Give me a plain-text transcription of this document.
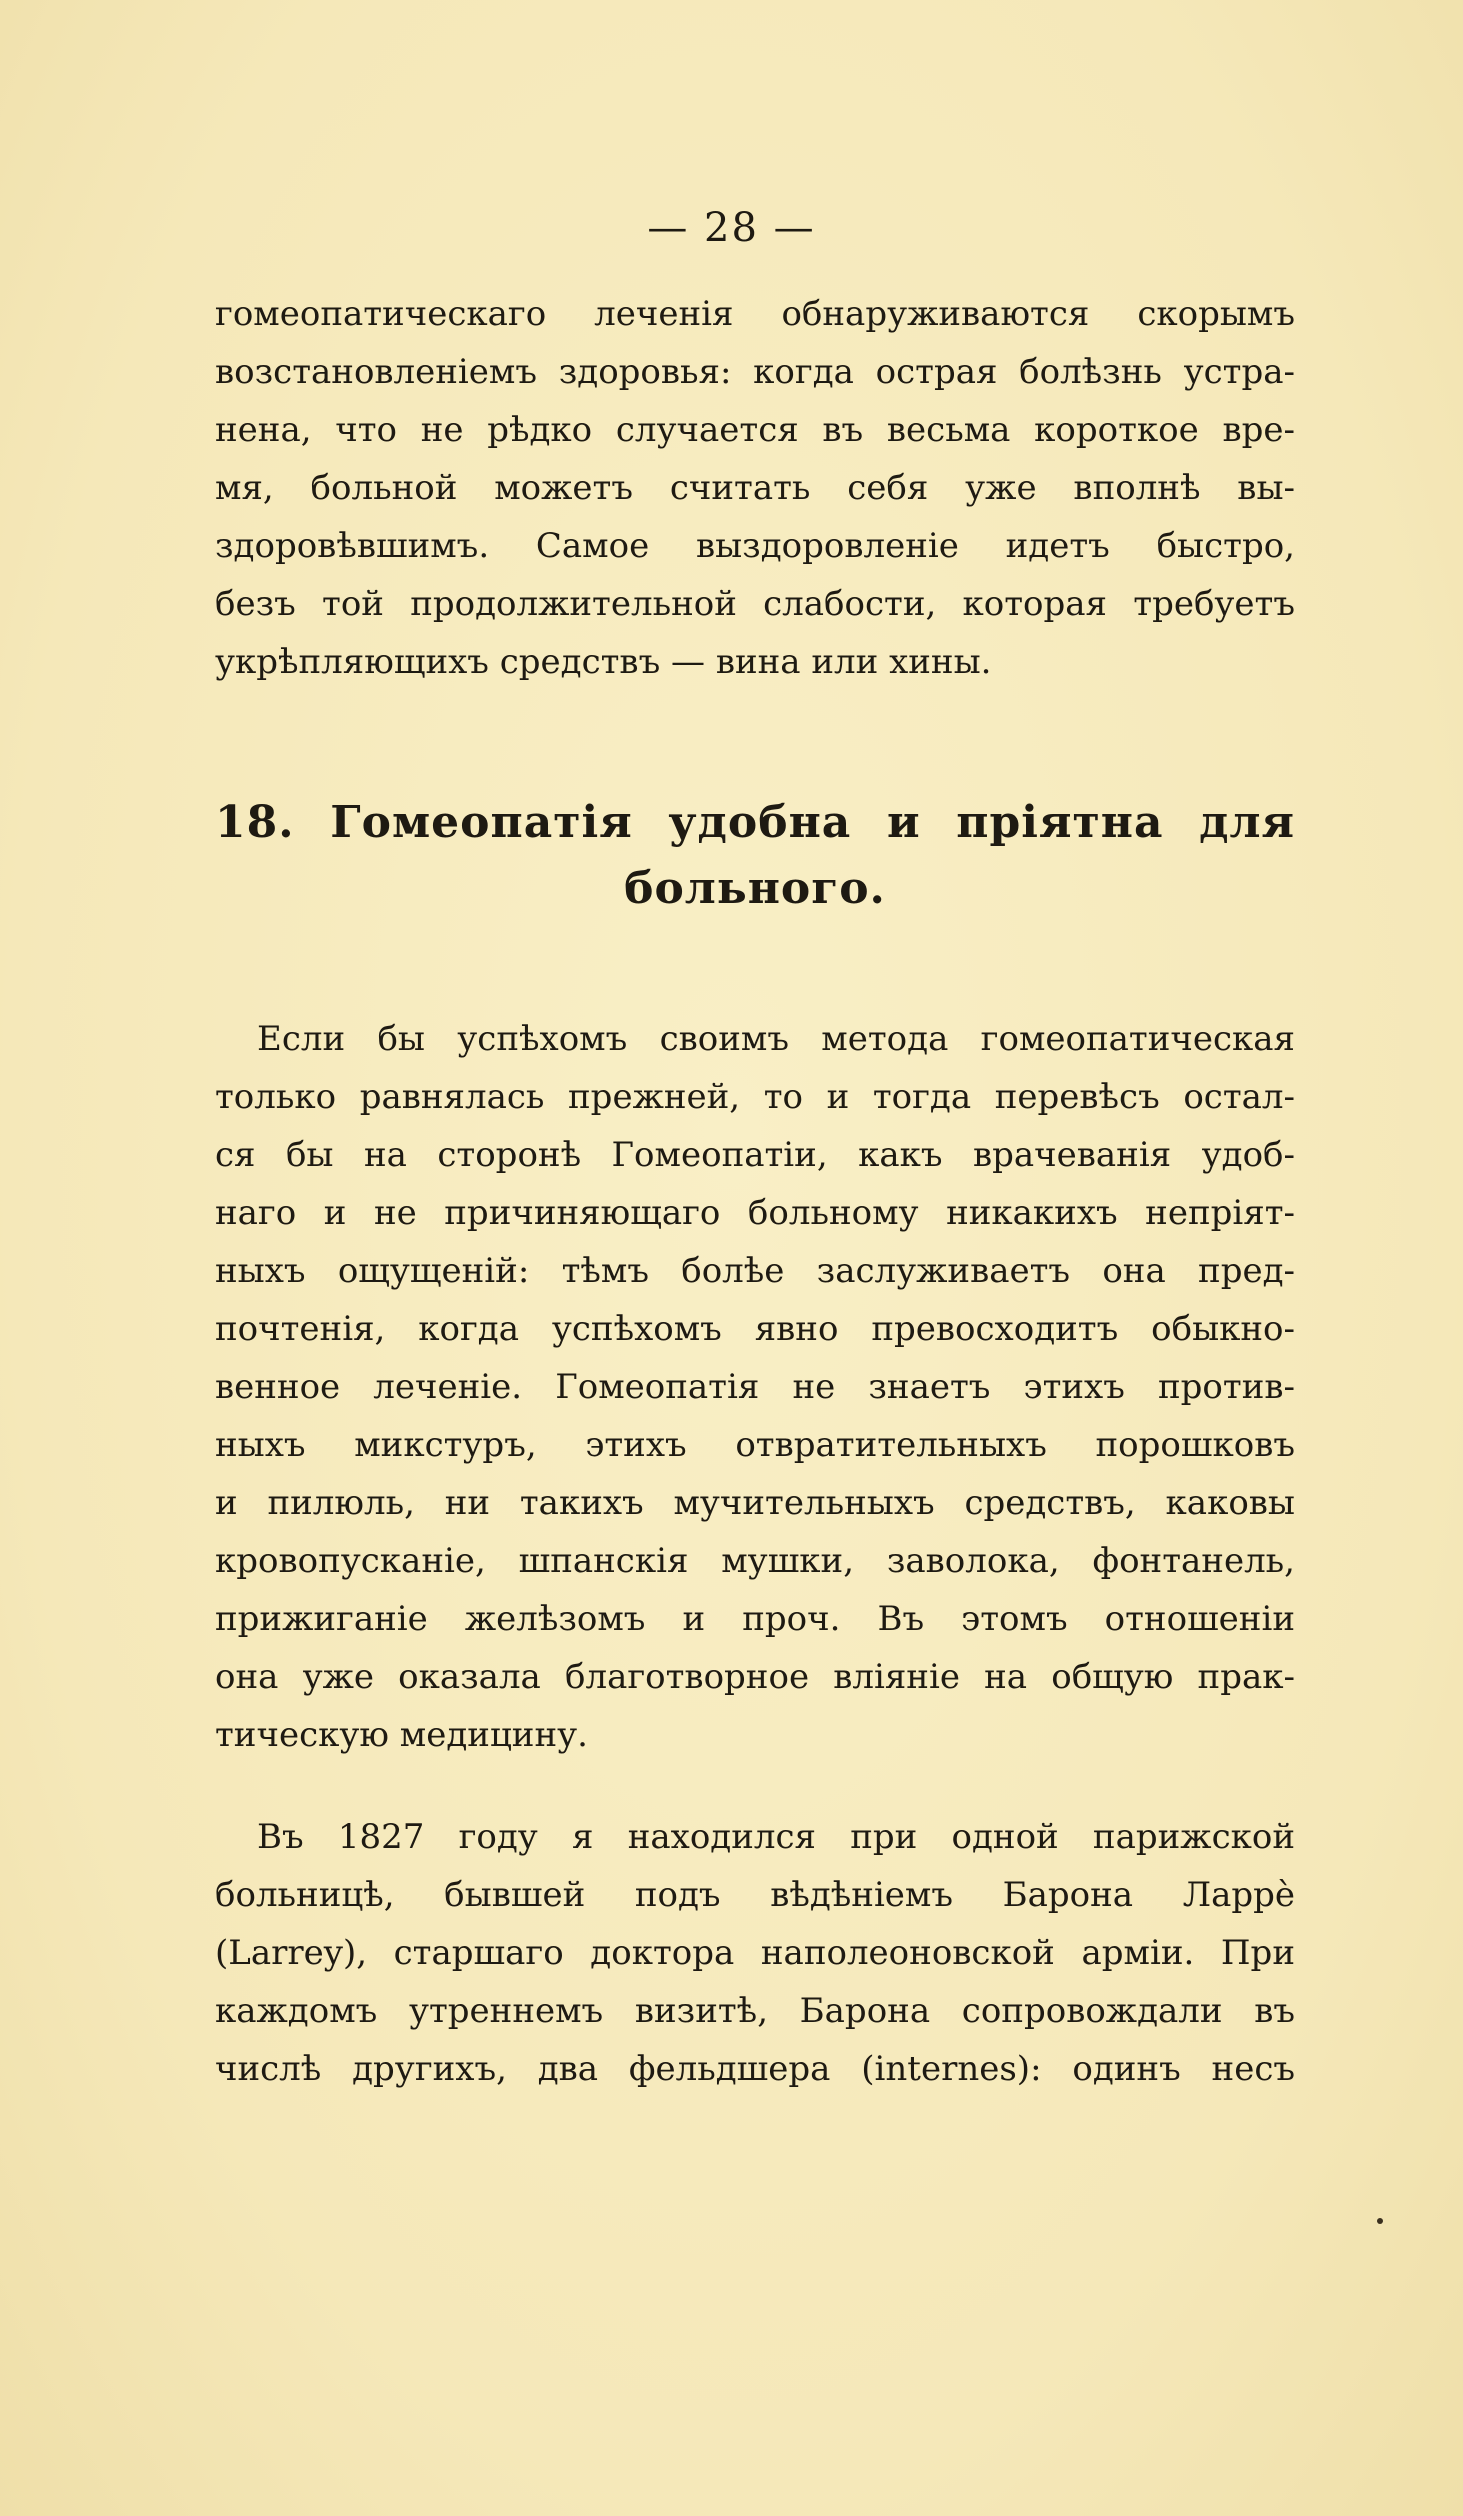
— 28 —
гомеопатическаго леченія обнаруживаются скорымъ
возстановленіемъ здоровья: когда острая болѣзнь устра-
нена, что не рѣдко случается въ весьма короткое вре-
мя, больной можетъ считать себя уже вполнѣ вы-
здоровѣвшимъ. Самое выздоровленіе идетъ быстро,
безъ той продолжительной слабости, которая требуетъ
укрѣпляющихъ средствъ — вина или хины.
18. Гомеопатія удобна и пріятна для
больного.
Если бы успѣхомъ своимъ метода гомеопатическая
только равнялась прежней, то и тогда перевѣсъ остал-
ся бы на сторонѣ Гомеопатіи, какъ врачеванія удоб-
наго и не причиняющаго больному никакихъ непріят-
ныхъ ощущеній: тѣмъ болѣе заслуживаетъ она пред-
почтенія, когда успѣхомъ явно превосходитъ обыкно-
венное леченіе. Гомеопатія не знаетъ этихъ против-
ныхъ микстуръ, этихъ отвратительныхъ порошковъ
и пилюль, ни такихъ мучительныхъ средствъ, каковы
кровопусканіе, шпанскія мушки, заволока, фонтанель,
прижиганіе желѣзомъ и проч. Въ этомъ отношеніи
она уже оказала благотворное вліяніе на общую прак-
тическую медицину.
Въ 1827 году я находился при одной парижской
больницѣ, бывшей подъ вѣдѣніемъ Барона Ларрè
(Larrey), старшаго доктора наполеоновской арміи. При
каждомъ утреннемъ визитѣ, Барона сопровождали въ
числѣ другихъ, два фельдшера (internes): одинъ несъ
